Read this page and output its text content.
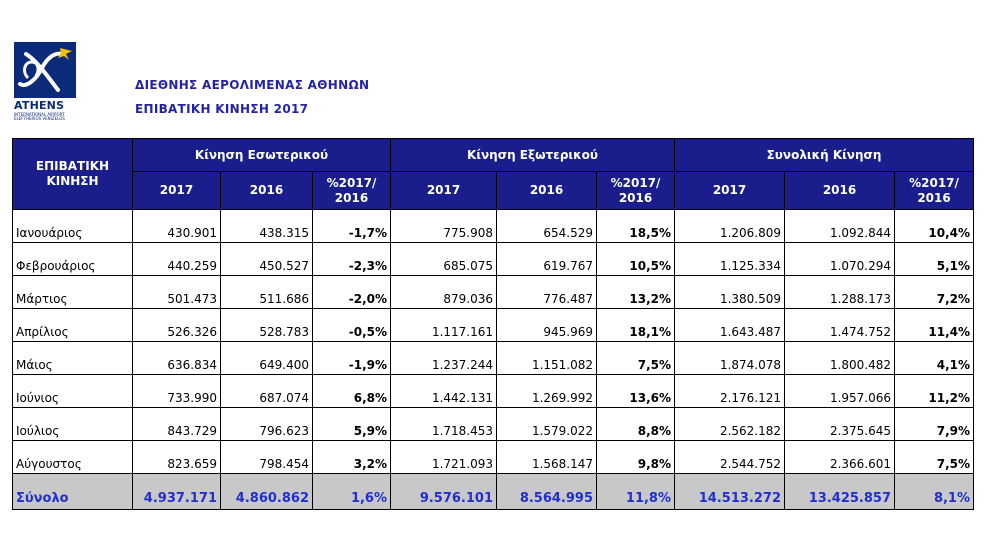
ATHENS
INTERNATIONAL AIRPORT
ELEFTHERIOS VENIZELOS
ΔΙΕΘΝΗΣ ΑΕΡΟΛΙΜΕΝΑΣ ΑΘΗΝΩΝ
ΕΠΙΒΑΤΙΚΗ ΚΙΝΗΣΗ 2017
ΕΠΙΒΑΤΙΚΗ ΚΙΝΗΣΗ	Κίνηση Εσωτερικού			Κίνηση Εξωτερικού			Συνολική Κίνηση		
	2017	2016	%2017/ 2016	2017	2016	%2017/ 2016	2017	2016	%2017/ 2016
Ιανουάριος	430.901	438.315	-1,7%	775.908	654.529	18,5%	1.206.809	1.092.844	10,4%
Φεβρουάριος	440.259	450.527	-2,3%	685.075	619.767	10,5%	1.125.334	1.070.294	5,1%
Μάρτιος	501.473	511.686	-2,0%	879.036	776.487	13,2%	1.380.509	1.288.173	7,2%
Απρίλιος	526.326	528.783	-0,5%	1.117.161	945.969	18,1%	1.643.487	1.474.752	11,4%
Μάιος	636.834	649.400	-1,9%	1.237.244	1.151.082	7,5%	1.874.078	1.800.482	4,1%
Ιούνιος	733.990	687.074	6,8%	1.442.131	1.269.992	13,6%	2.176.121	1.957.066	11,2%
Ιούλιος	843.729	796.623	5,9%	1.718.453	1.579.022	8,8%	2.562.182	2.375.645	7,9%
Αύγουστος	823.659	798.454	3,2%	1.721.093	1.568.147	9,8%	2.544.752	2.366.601	7,5%
Σύνολο	4.937.171	4.860.862	1,6%	9.576.101	8.564.995	11,8%	14.513.272	13.425.857	8,1%
